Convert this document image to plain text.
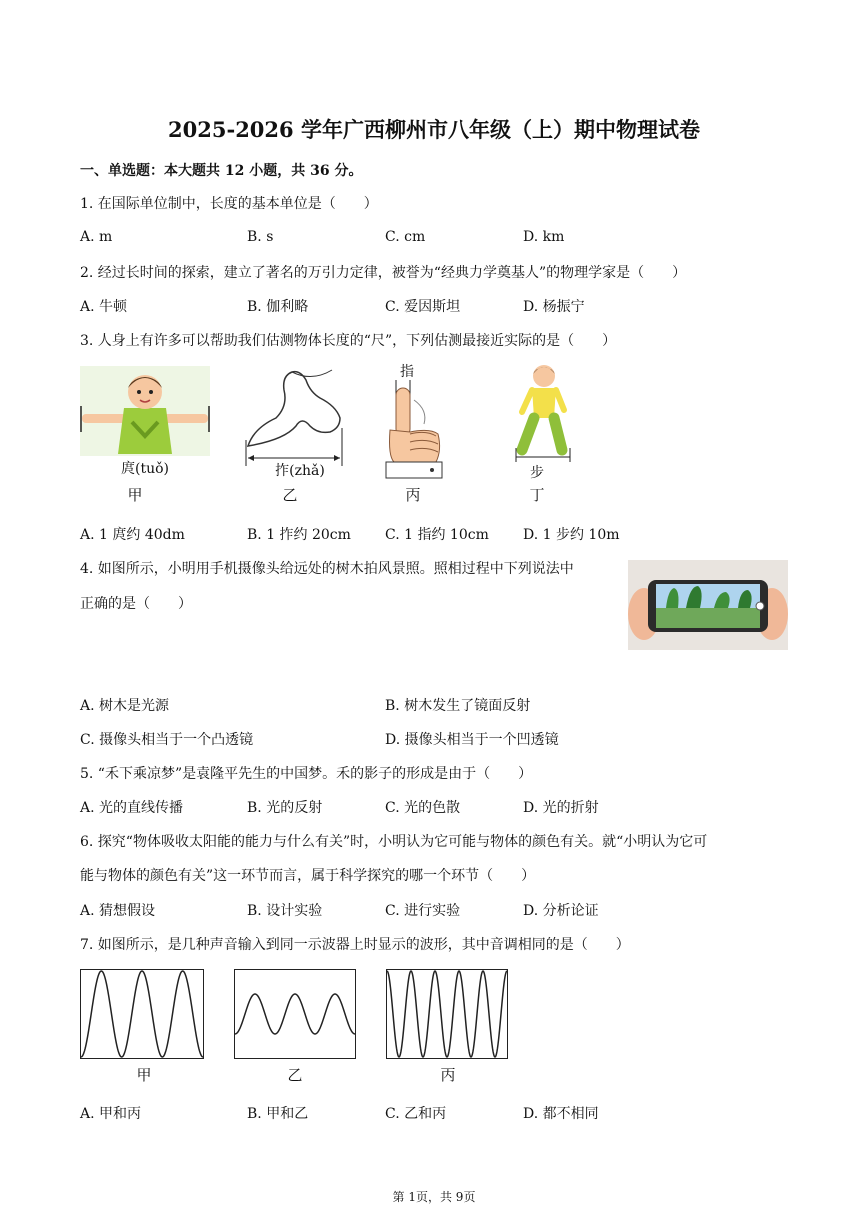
2025-2026 学年广西柳州市八年级（上）期中物理试卷
一、单选题：本大题共 12 小题，共 36 分。
1. 在国际单位制中，长度的基本单位是（　　）
A. m	B. s	C. cm	D. km
2. 经过长时间的探索，建立了著名的万引力定律，被誉为“经典力学奠基人”的物理学家是（　　）
A. 牛顿	B. 伽利略	C. 爱因斯坦	D. 杨振宁
3. 人身上有许多可以帮助我们估测物体长度的“尺”，下列估测最接近实际的是（　　）
庹(tuǒ)
甲
拃(zhǎ)
乙
指
丙
步
丁
A. 1 庹约 40dm	B. 1 拃约 20cm C. 1 指约 10cm D. 1 步约 10m
4. 如图所示，小明用手机摄像头给远处的树木拍风景照。照相过程中下列说法中
正确的是（　　）
A. 树木是光源	B. 树木发生了镜面反射
C. 摄像头相当于一个凸透镜	D. 摄像头相当于一个凹透镜
5. “禾下乘凉梦”是袁隆平先生的中国梦。禾的影子的形成是由于（　　）
A. 光的直线传播	B. 光的反射	C. 光的色散	D. 光的折射
6. 探究“物体吸收太阳能的能力与什么有关”时，小明认为它可能与物体的颜色有关。就“小明认为它可
能与物体的颜色有关”这一环节而言，属于科学探究的哪一个环节（　　）
A. 猜想假设	B. 设计实验	C. 进行实验	D. 分析论证
7. 如图所示，是几种声音输入到同一示波器上时显示的波形，其中音调相同的是（　　）
甲	乙	丙
A. 甲和丙	B. 甲和乙	C. 乙和丙	D. 都不相同
第 1页，共 9页
